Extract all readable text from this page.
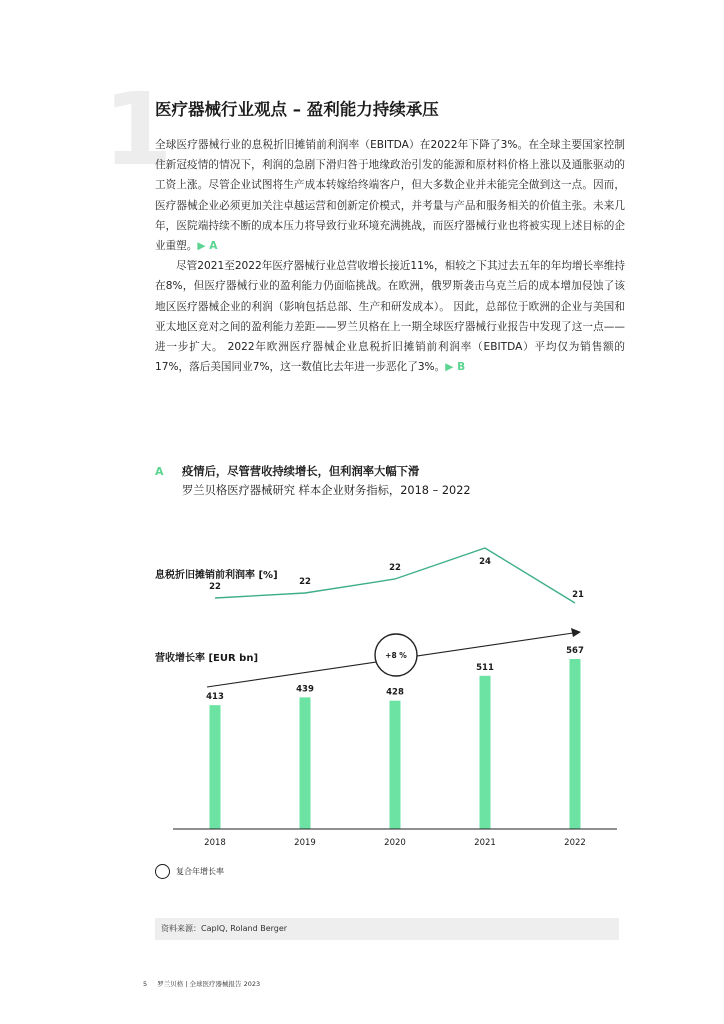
1
医疗器械行业观点 – 盈利能力持续承压

全球医疗器械行业的息税折旧摊销前利润率（EBITDA）在2022年下降了3%。在全球主要国家控制住新冠疫情的情况下，利润的急剧下滑归咎于地缘政治引发的能源和原材料价格上涨以及通胀驱动的工资上涨。尽管企业试图将生产成本转嫁给终端客户，但大多数企业并未能完全做到这一点。因而，医疗器械企业必须更加关注卓越运营和创新定价模式，并考量与产品和服务相关的价值主张。未来几年，医院端持续不断的成本压力将导致行业环境充满挑战，而医疗器械行业也将被实现上述目标的企业重塑。▶ A

尽管2021至2022年医疗器械行业总营收增长接近11%，相较之下其过去五年的年均增长率维持在8%，但医疗器械行业的盈利能力仍面临挑战。在欧洲，俄罗斯袭击乌克兰后的成本增加侵蚀了该地区医疗器械企业的利润（影响包括总部、生产和研发成本）。 因此，总部位于欧洲的企业与美国和亚太地区竞对之间的盈利能力差距——罗兰贝格在上一期全球医疗器械行业报告中发现了这一点——进一步扩大。 2022年欧洲医疗器械企业息税折旧摊销前利润率（EBITDA）平均仅为销售额的17%，落后美国同业7%，这一数值比去年进一步恶化了3%。▶ B

A 疫情后，尽管营收持续增长，但利润率大幅下滑
罗兰贝格医疗器械研究 样本企业财务指标，2018 – 2022
息税折旧摊销前利润率 [%]
营收增长率 [EUR bn]
413
439	428
511
567
2018	2019	2020	2021	2022
22	22
22
24
21
+8 %
复合年增长率
资料来源：CapIQ, Roland Berger
5 罗兰贝格 | 全球医疗器械报告 2023
